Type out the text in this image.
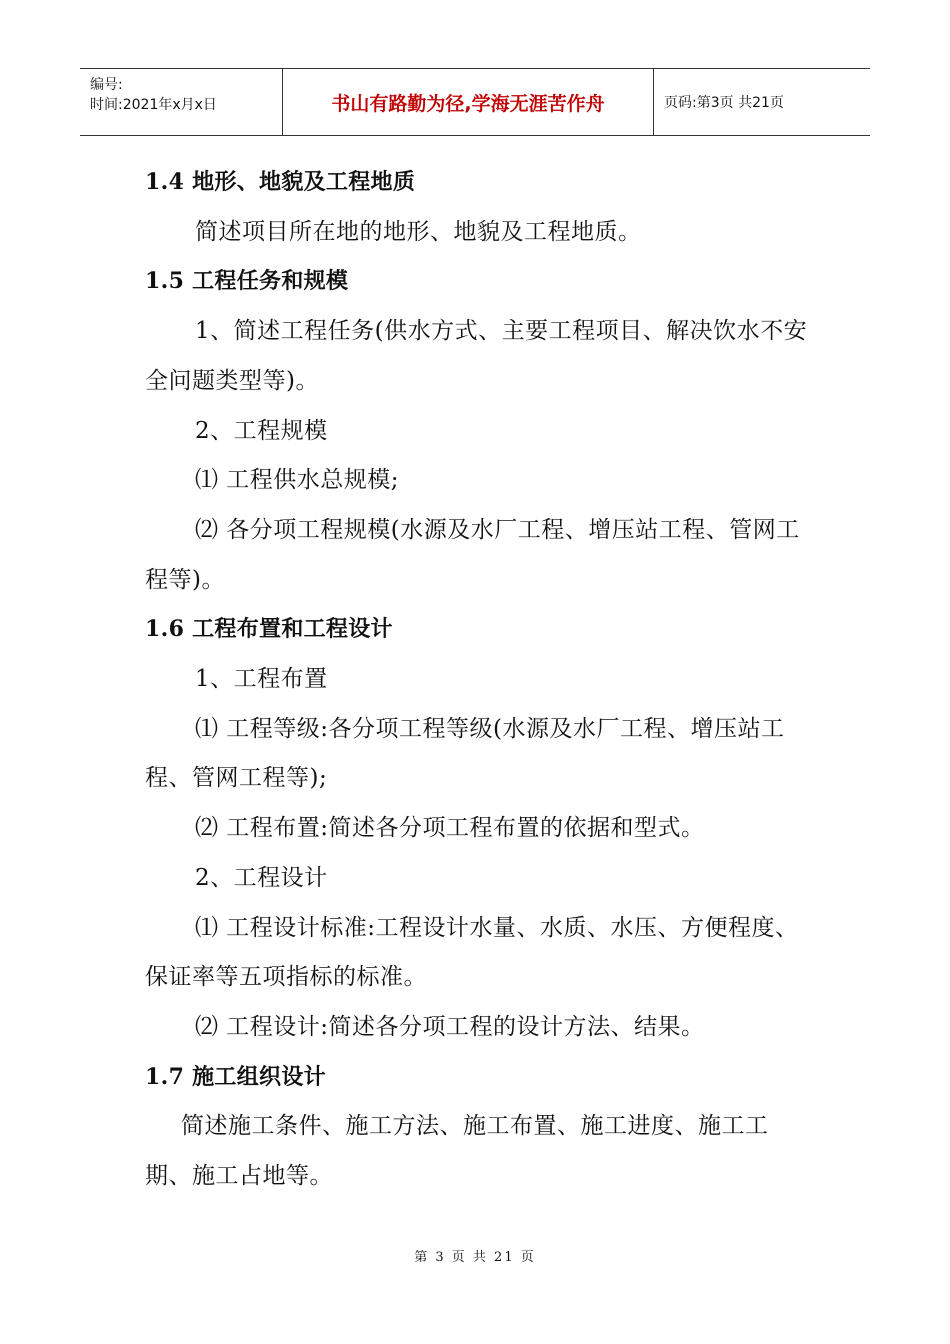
编号:
时间:2021年x月x日	书山有路勤为径,学海无涯苦作舟	页码:第3页 共21页
1.4 地形、地貌及工程地质
简述项目所在地的地形、地貌及工程地质。
1.5 工程任务和规模
1、简述工程任务(供水方式、主要工程项目、解决饮水不安全问题类型等)。
2、工程规模
⑴ 工程供水总规模;
⑵ 各分项工程规模(水源及水厂工程、增压站工程、管网工程等)。
1.6 工程布置和工程设计
1、工程布置
⑴ 工程等级:各分项工程等级(水源及水厂工程、增压站工程、管网工程等);
⑵ 工程布置:简述各分项工程布置的依据和型式。
2、工程设计
⑴ 工程设计标准:工程设计水量、水质、水压、方便程度、保证率等五项指标的标准。
⑵ 工程设计:简述各分项工程的设计方法、结果。
1.7 施工组织设计
简述施工条件、施工方法、施工布置、施工进度、施工工期、施工占地等。
第 3 页 共 21 页
